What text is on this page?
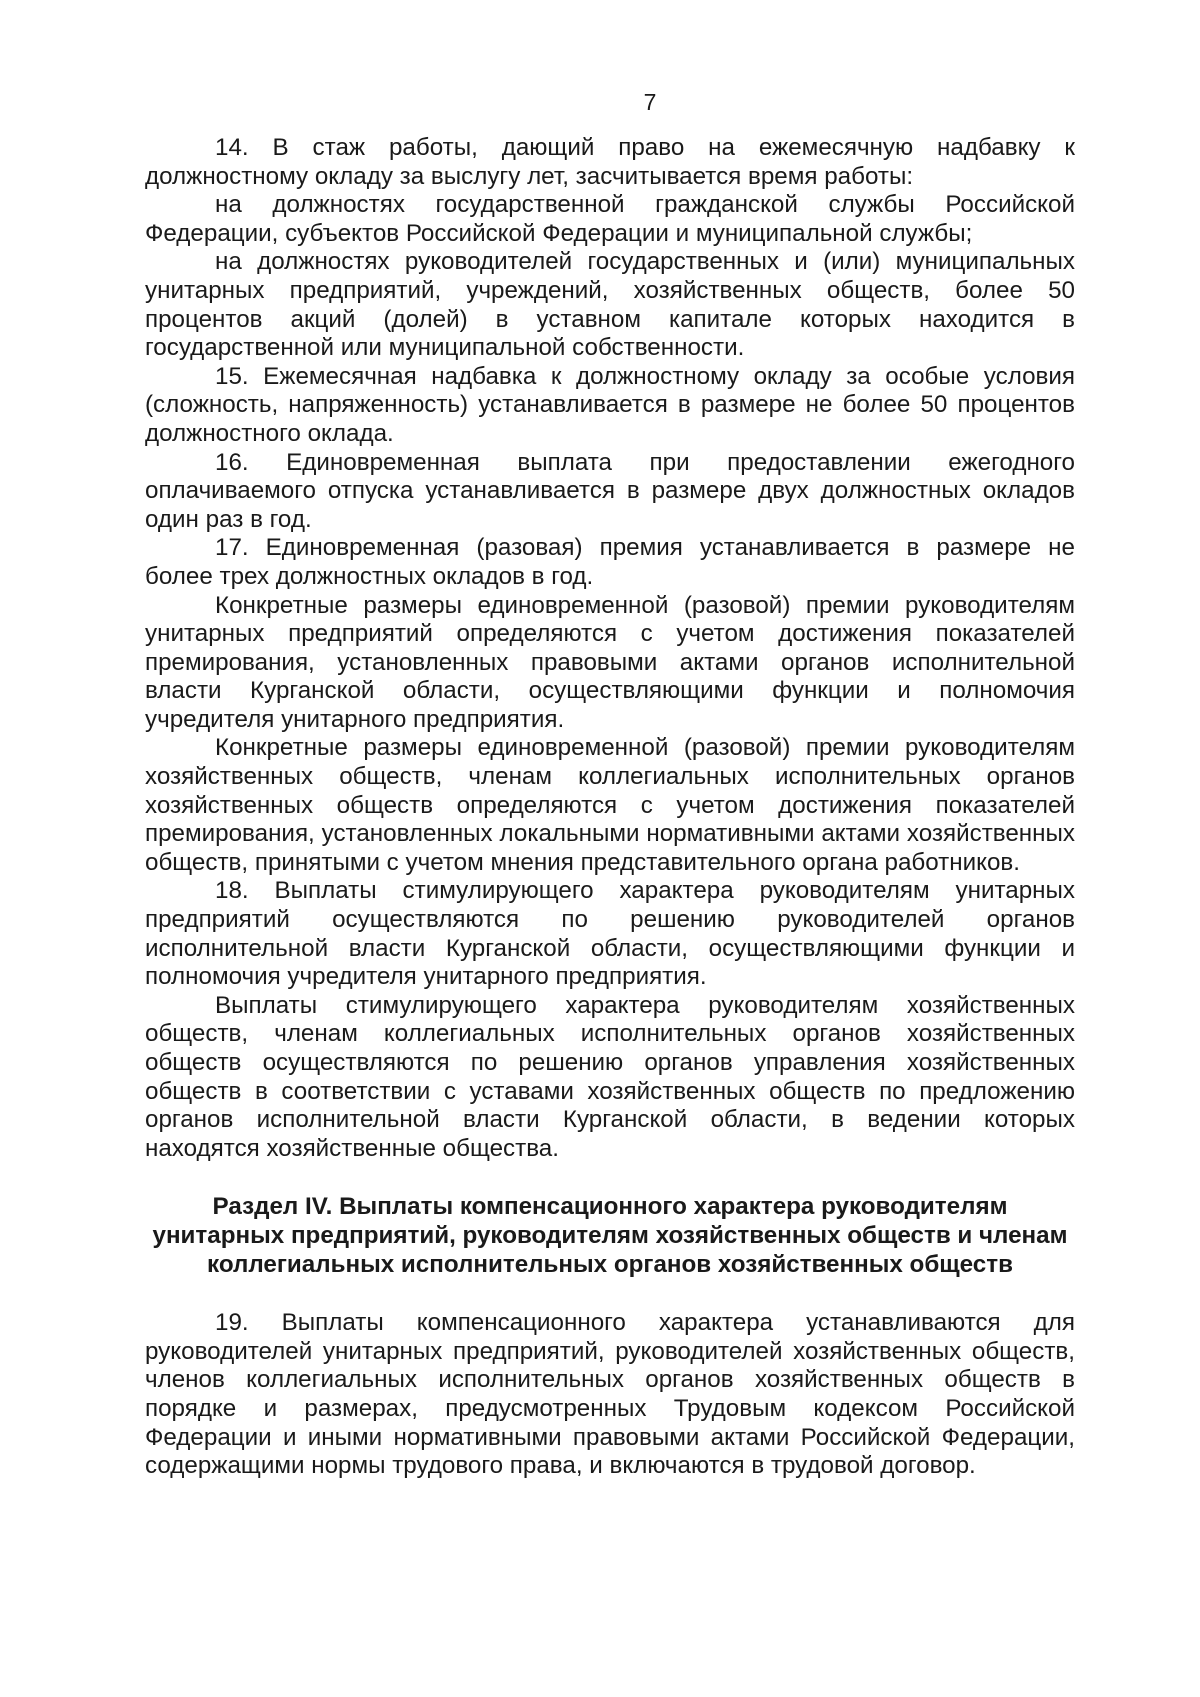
7

14. В стаж работы, дающий право на ежемесячную надбавку к должностному окладу за выслугу лет, засчитывается время работы:

на должностях государственной гражданской службы Российской Федерации, субъектов Российской Федерации и муниципальной службы;

на должностях руководителей государственных и (или) муниципальных унитарных предприятий, учреждений, хозяйственных обществ, более 50 процентов акций (долей) в уставном капитале которых находится в государственной или муниципальной собственности.

15. Ежемесячная надбавка к должностному окладу за особые условия (сложность, напряженность) устанавливается в размере не более 50 процентов должностного оклада.

16. Единовременная выплата при предоставлении ежегодного оплачиваемого отпуска устанавливается в размере двух должностных окладов один раз в год.

17. Единовременная (разовая) премия устанавливается в размере не более трех должностных окладов в год.

Конкретные размеры единовременной (разовой) премии руководителям унитарных предприятий определяются с учетом достижения показателей премирования, установленных правовыми актами органов исполнительной власти Курганской области, осуществляющими функции и полномочия учредителя унитарного предприятия.

Конкретные размеры единовременной (разовой) премии руководителям хозяйственных обществ, членам коллегиальных исполнительных органов хозяйственных обществ определяются с учетом достижения показателей премирования, установленных локальными нормативными актами хозяйственных обществ, принятыми с учетом мнения представительного органа работников.

18. Выплаты стимулирующего характера руководителям унитарных предприятий осуществляются по решению руководителей органов исполнительной власти Курганской области, осуществляющими функции и полномочия учредителя унитарного предприятия.

Выплаты стимулирующего характера руководителям хозяйственных обществ, членам коллегиальных исполнительных органов хозяйственных обществ осуществляются по решению органов управления хозяйственных обществ в соответствии с уставами хозяйственных обществ по предложению органов исполнительной власти Курганской области, в ведении которых находятся хозяйственные общества.

Раздел IV. Выплаты компенсационного характера руководителям унитарных предприятий, руководителям хозяйственных обществ и членам коллегиальных исполнительных органов хозяйственных обществ

19. Выплаты компенсационного характера устанавливаются для руководителей унитарных предприятий, руководителей хозяйственных обществ, членов коллегиальных исполнительных органов хозяйственных обществ в порядке и размерах, предусмотренных Трудовым кодексом Российской Федерации и иными нормативными правовыми актами Российской Федерации, содержащими нормы трудового права, и включаются в трудовой договор.
